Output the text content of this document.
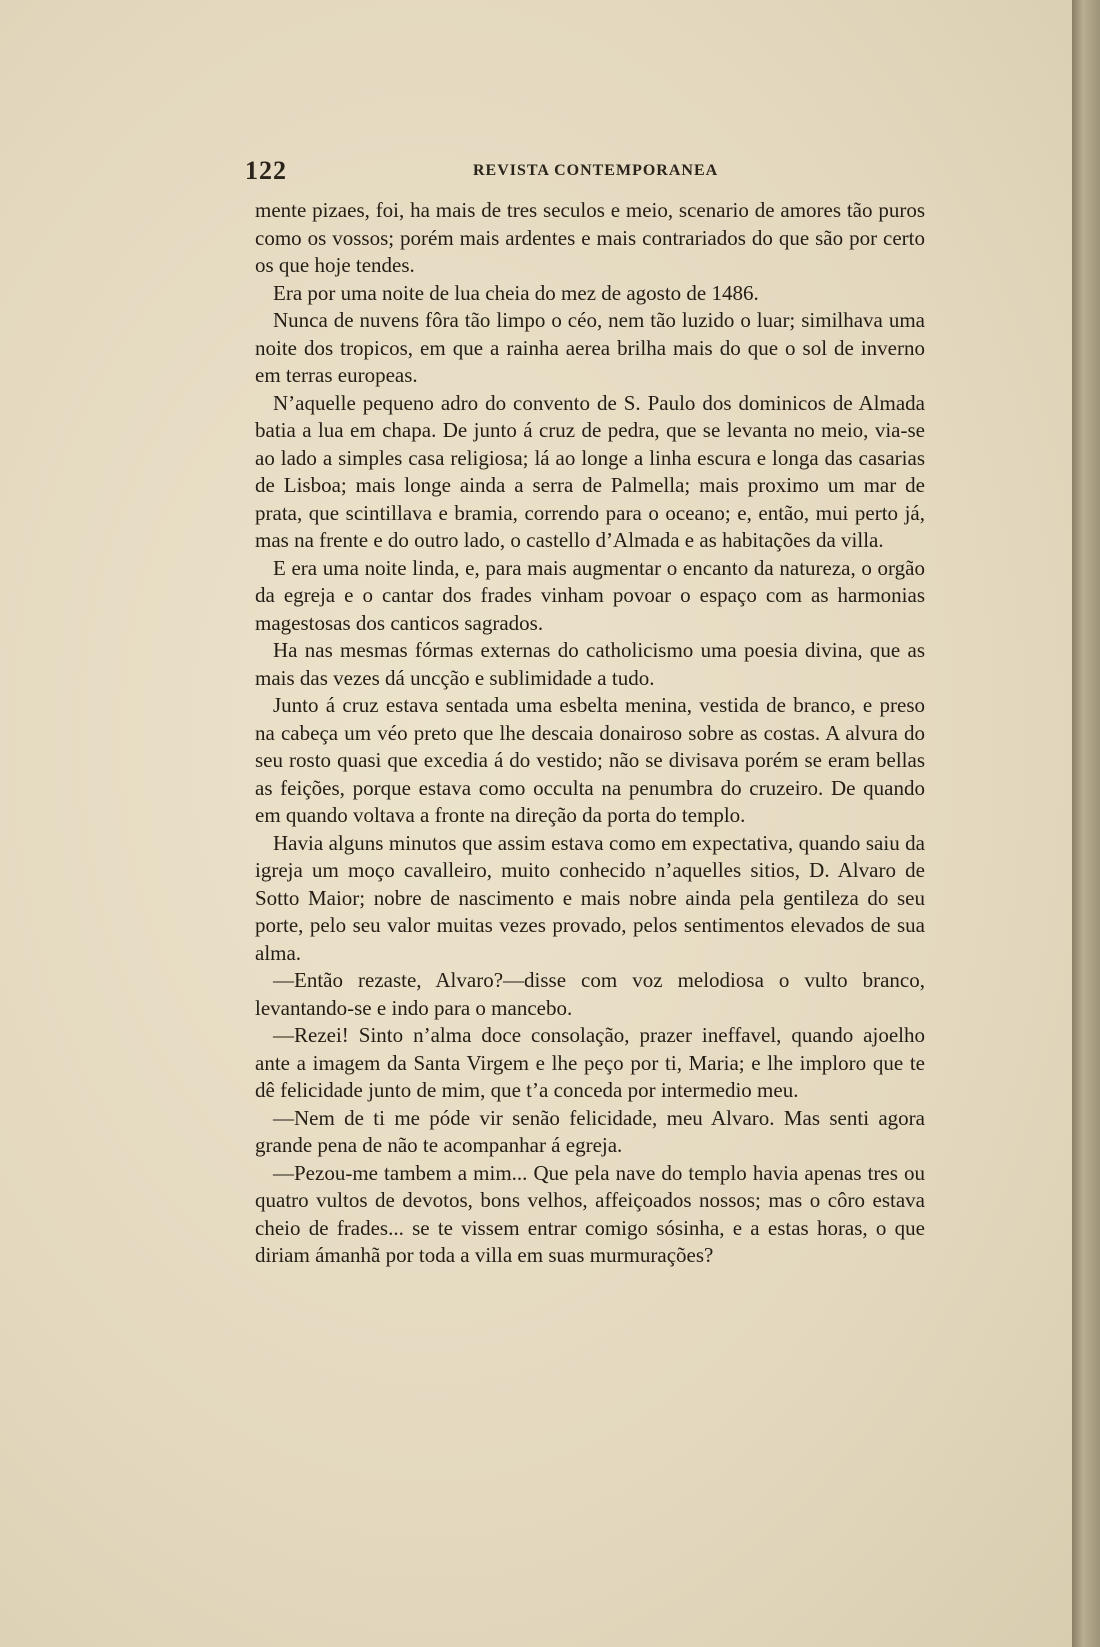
122	REVISTA CONTEMPORANEA

mente pizaes, foi, ha mais de tres seculos e meio, scenario de amores tão puros como os vossos; porém mais ardentes e mais contrariados do que são por certo os que hoje tendes.

Era por uma noite de lua cheia do mez de agosto de 1486.

Nunca de nuvens fôra tão limpo o céo, nem tão luzido o luar; similhava uma noite dos tropicos, em que a rainha aerea brilha mais do que o sol de inverno em terras europeas.

N’aquelle pequeno adro do convento de S. Paulo dos dominicos de Almada batia a lua em chapa. De junto á cruz de pedra, que se levanta no meio, via-se ao lado a simples casa religiosa; lá ao longe a linha escura e longa das casarias de Lisboa; mais longe ainda a serra de Palmella; mais proximo um mar de prata, que scintillava e bramia, correndo para o oceano; e, então, mui perto já, mas na frente e do outro lado, o castello d’Almada e as habitações da villa.

E era uma noite linda, e, para mais augmentar o encanto da natureza, o orgão da egreja e o cantar dos frades vinham povoar o espaço com as harmonias magestosas dos canticos sagrados.

Ha nas mesmas fórmas externas do catholicismo uma poesia divina, que as mais das vezes dá uncção e sublimidade a tudo.

Junto á cruz estava sentada uma esbelta menina, vestida de branco, e preso na cabeça um véo preto que lhe descaia donairoso sobre as costas. A alvura do seu rosto quasi que excedia á do vestido; não se divisava porém se eram bellas as feições, porque estava como occulta na penumbra do cruzeiro. De quando em quando voltava a fronte na direção da porta do templo.

Havia alguns minutos que assim estava como em expectativa, quando saiu da igreja um moço cavalleiro, muito conhecido n’aquelles sitios, D. Alvaro de Sotto Maior; nobre de nascimento e mais nobre ainda pela gentileza do seu porte, pelo seu valor muitas vezes provado, pelos sentimentos elevados de sua alma.

—Então rezaste, Alvaro?—disse com voz melodiosa o vulto branco, levantando-se e indo para o mancebo.

—Rezei! Sinto n’alma doce consolação, prazer ineffavel, quando ajoelho ante a imagem da Santa Virgem e lhe peço por ti, Maria; e lhe imploro que te dê felicidade junto de mim, que t’a conceda por intermedio meu.

—Nem de ti me póde vir senão felicidade, meu Alvaro. Mas senti agora grande pena de não te acompanhar á egreja.

—Pezou-me tambem a mim... Que pela nave do templo havia apenas tres ou quatro vultos de devotos, bons velhos, affeiçoados nossos; mas o côro estava cheio de frades... se te vissem entrar comigo sósinha, e a estas horas, o que diriam ámanhã por toda a villa em suas murmurações?
